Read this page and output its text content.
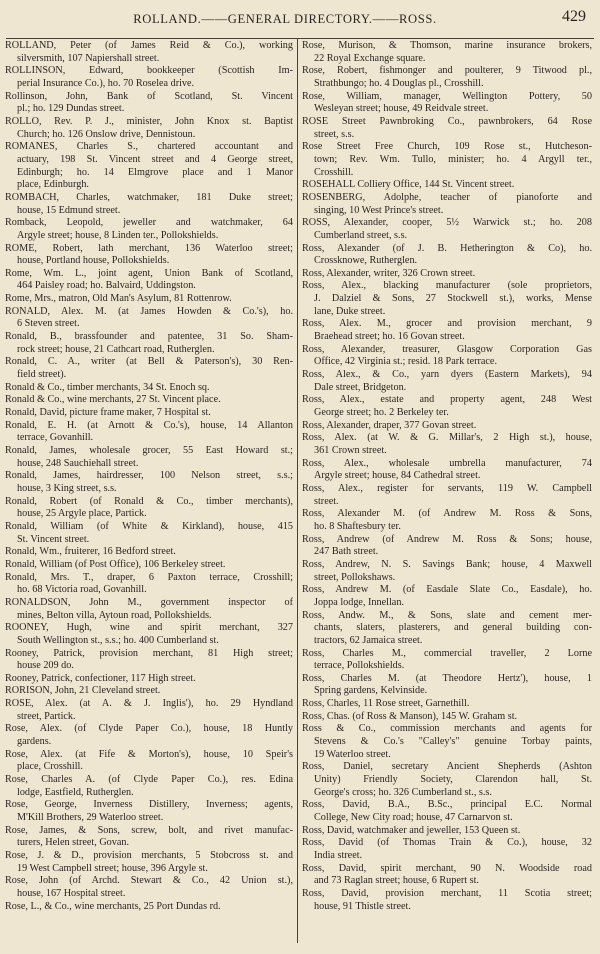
ROLLAND.——GENERAL DIRECTORY.——ROSS.	429
ROLLAND, Peter (of James Reid & Co.), working
silversmith, 107 Napiershall street.
ROLLINSON, Edward, bookkeeper (Scottish Im-
perial Insurance Co.), ho. 70 Roselea drive.
Rollinson, John, Bank of Scotland, St. Vincent
pl.; ho. 129 Dundas street.
ROLLO, Rev. P. J., minister, John Knox st. Baptist
Church; ho. 126 Onslow drive, Dennistoun.
ROMANES, Charles S., chartered accountant and
actuary, 198 St. Vincent street and 4 George street,
Edinburgh; ho. 14 Elmgrove place and 1 Manor
place, Edinburgh.
ROMBACH, Charles, watchmaker, 181 Duke street;
house, 15 Edmund street.
Romback, Leopold, jeweller and watchmaker, 64
Argyle street; house, 8 Linden ter., Pollokshields.
ROME, Robert, lath merchant, 136 Waterloo street;
house, Portland house, Pollokshields.
Rome, Wm. L., joint agent, Union Bank of Scotland,
464 Paisley road; ho. Balvaird, Uddingston.
Rome, Mrs., matron, Old Man's Asylum, 81 Rottenrow.
RONALD, Alex. M. (at James Howden & Co.'s), ho.
6 Steven street.
Ronald, B., brassfounder and patentee, 31 So. Sham-
rock street; house, 21 Cathcart road, Rutherglen.
Ronald, C. A., writer (at Bell & Paterson's), 30 Ren-
field street).
Ronald & Co., timber merchants, 34 St. Enoch sq.
Ronald & Co., wine merchants, 27 St. Vincent place.
Ronald, David, picture frame maker, 7 Hospital st.
Ronald, E. H. (at Arnott & Co.'s), house, 14 Allanton
terrace, Govanhill.
Ronald, James, wholesale grocer, 55 East Howard st.;
house, 248 Sauchiehall street.
Ronald, James, hairdresser, 100 Nelson street, s.s.;
house, 3 King street, s.s.
Ronald, Robert (of Ronald & Co., timber merchants),
house, 25 Argyle place, Partick.
Ronald, William (of White & Kirkland), house, 415
St. Vincent street.
Ronald, Wm., fruiterer, 16 Bedford street.
Ronald, William (of Post Office), 106 Berkeley street.
Ronald, Mrs. T., draper, 6 Paxton terrace, Crosshill;
ho. 68 Victoria road, Govanhill.
RONALDSON, John M., government inspector of
mines, Belton villa, Aytoun road, Pollokshields.
ROONEY, Hugh, wine and spirit merchant, 327
South Wellington st., s.s.; ho. 400 Cumberland st.
Rooney, Patrick, provision merchant, 81 High street;
house 209 do.
Rooney, Patrick, confectioner, 117 High street.
RORISON, John, 21 Cleveland street.
ROSE, Alex. (at A. & J. Inglis'), ho. 29 Hyndland
street, Partick.
Rose, Alex. (of Clyde Paper Co.), house, 18 Huntly
gardens.
Rose, Alex. (at Fife & Morton's), house, 10 Speir's
place, Crosshill.
Rose, Charles A. (of Clyde Paper Co.), res. Edina
lodge, Eastfield, Rutherglen.
Rose, George, Inverness Distillery, Inverness; agents,
M'Kill Brothers, 29 Waterloo street.
Rose, James, & Sons, screw, bolt, and rivet manufac-
turers, Helen street, Govan.
Rose, J. & D., provision merchants, 5 Stobcross st. and
19 West Campbell street; house, 396 Argyle st.
Rose, John (of Archd. Stewart & Co., 42 Union st.),
house, 167 Hospital street.
Rose, L., & Co., wine merchants, 25 Port Dundas rd.
Rose, Murison, & Thomson, marine insurance brokers,
22 Royal Exchange square.
Rose, Robert, fishmonger and poulterer, 9 Titwood pl.,
Strathbungo; ho. 4 Douglas pl., Crosshill.
Rose, William, manager, Wellington Pottery, 50
Wesleyan street; house, 49 Reidvale street.
ROSE Street Pawnbroking Co., pawnbrokers, 64 Rose
street, s.s.
Rose Street Free Church, 109 Rose st., Hutcheson-
town; Rev. Wm. Tullo, minister; ho. 4 Argyll ter.,
Crosshill.
ROSEHALL Colliery Office, 144 St. Vincent street.
ROSENBERG, Adolphe, teacher of pianoforte and
singing, 10 West Prince's street.
ROSS, Alexander, cooper, 5½ Warwick st.; ho. 208
Cumberland street, s.s.
Ross, Alexander (of J. B. Hetherington & Co), ho.
Crossknowe, Rutherglen.
Ross, Alexander, writer, 326 Crown street.
Ross, Alex., blacking manufacturer (sole proprietors,
J. Dalziel & Sons, 27 Stockwell st.), works, Mense
lane, Duke street.
Ross, Alex. M., grocer and provision merchant, 9
Braehead street; ho. 16 Govan street.
Ross, Alexander, treasurer, Glasgow Corporation Gas
Office, 42 Virginia st.; resid. 18 Park terrace.
Ross, Alex., & Co., yarn dyers (Eastern Markets), 94
Dale street, Bridgeton.
Ross, Alex., estate and property agent, 248 West
George street; ho. 2 Berkeley ter.
Ross, Alexander, draper, 377 Govan street.
Ross, Alex. (at W. & G. Millar's, 2 High st.), house,
361 Crown street.
Ross, Alex., wholesale umbrella manufacturer, 74
Argyle street; house, 84 Cathedral street.
Ross, Alex., register for servants, 119 W. Campbell
street.
Ross, Alexander M. (of Andrew M. Ross & Sons,
ho. 8 Shaftesbury ter.
Ross, Andrew (of Andrew M. Ross & Sons; house,
247 Bath street.
Ross, Andrew, N. S. Savings Bank; house, 4 Maxwell
street, Pollokshaws.
Ross, Andrew M. (of Easdale Slate Co., Easdale), ho.
Joppa lodge, Innellan.
Ross, Andw. M., & Sons, slate and cement mer-
chants, slaters, plasterers, and general building con-
tractors, 62 Jamaica street.
Ross, Charles M., commercial traveller, 2 Lorne
terrace, Pollokshields.
Ross, Charles M. (at Theodore Hertz'), house, 1
Spring gardens, Kelvinside.
Ross, Charles, 11 Rose street, Garnethill.
Ross, Chas. (of Ross & Manson), 145 W. Graham st.
Ross & Co., commission merchants and agents for
Stevens & Co.'s "Calley's" genuine Torbay paints,
19 Waterloo street.
Ross, Daniel, secretary Ancient Shepherds (Ashton
Unity) Friendly Society, Clarendon hall, St.
George's cross; ho. 326 Cumberland st., s.s.
Ross, David, B.A., B.Sc., principal E.C. Normal
College, New City road; house, 47 Carnarvon st.
Ross, David, watchmaker and jeweller, 153 Queen st.
Ross, David (of Thomas Train & Co.), house, 32
India street.
Ross, David, spirit merchant, 90 N. Woodside road
and 73 Raglan street; house, 6 Rupert st.
Ross, David, provision merchant, 11 Scotia street;
house, 91 Thistle street.
